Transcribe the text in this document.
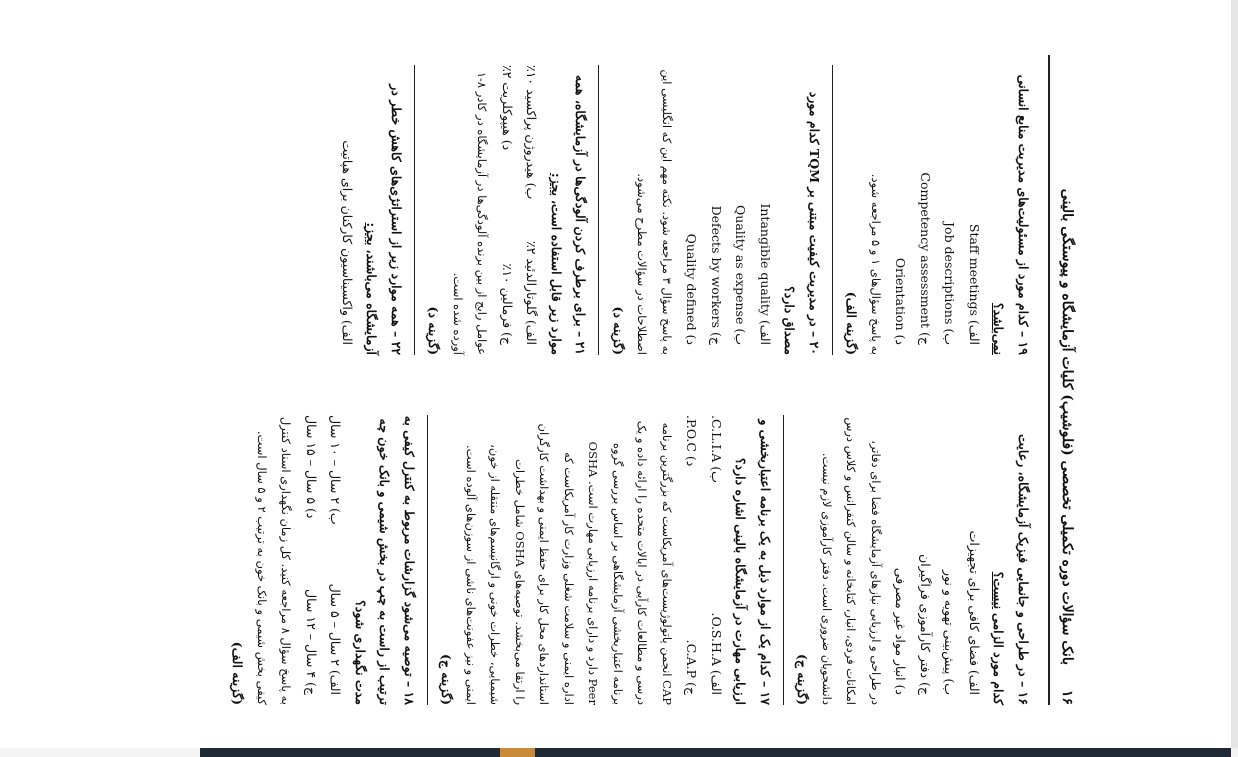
۱۶
بانک سؤالات دوره تکمیلی تخصصی (فلوشیپ) کلیات آزمایشگاه و پیوستگی بالینی
۱۶ – در طراحی و جانمایی فیزیک آزمایشگاه، رعایت کدام مورد الزامی نیست؟
الف) فضای کافی برای تجهیزات
ب) پیش‌بینی تهویه و نور
ج) دفتر کارآموزی فراگیران
د) انبار مواد غیر مصرفی
در طراحی و ارزیابی نیازهای آزمایشگاه فضا برای دفاتر، امکانات فردی، انبار، کتابخانه و سالن کنفرانس و کلاس درس دانشجویان ضروری است. دفتر کارآموزی لازم نیست.
(گزینه ج)
۱۷ – کدام یک از موارد ذیل به یک برنامه اعتباربخشی و ارزیابی مهارت در آزمایشگاه بالینی اشاره دارد؟
الف) O.S.H.A.
ب) C.L.I.A.
ج) C.A.P.
د) P.O.C.
CAP انجمن پاتولوژیست‌های آمریکاست که بزرگترین برنامه درسی و مطالعات کارآیی در ایالات متحده را ارائه داده و یک برنامه اعتباربخشی آزمایشگاهی بر اساس بررسی گروه Peer دارد و دارای برنامه ارزیابی مهارت است. OSHA اداره ایمنی و سلامت شغلی وزارت کار آمریکاست که استانداردهای محل کار برای حفظ ایمنی و بهداشت کارگران را ارتقا می‌بخشد. توصیه‌های OSHA شامل خطرات شیمیایی، خطرات خونی و ارگانیسم‌های منتقله از خون، ایمنی و نیز عفونت‌های ناشی از سوزن‌های آلوده است.
(گزینه ج)
۱۸ – توصیه می‌شود گزارشات مربوط به کنترل کیفی به ترتیب از راست به چپ در بخش شیمی و بانک خون چه مدت نگهداری شود؟
الف) ۲ سال – ۵ سال
ب) ۲ سال – ۱۰ سال
ج) ۴ سال – ۱۲ سال
د) ۵ سال – ۱۵ سال
به پاسخ سؤال ۸ مراجعه کنید. کل زمان نگهداری اسناد کنترل کیفی بخش شیمی و بانک خون به ترتیب ۲ و ۵ سال است.
(گزینه الف)
۱۹ – کدام مورد از مسئولیت‌های مدیریت منابع انسانی نمی‌باشد؟
الف) Staff meetings
ب) Job descriptions
ج) Competency assessment
د) Orientation
به پاسخ سؤال‌های ۱ و ۵ مراجعه شود.
(گزینه الف)
۲۰ – در مدیریت کیفیت مبتنی بر TQM کدام مورد مصداق دارد؟
الف) Intangible quality
ب) Quality as expense
ج) Defects by workers
د) Quality defined
به پاسخ سؤال ۳ مراجعه شود. نکته مهم این که انگلیسی این اصطلاحات در سؤالات مطرح می‌شود.
(گزینه د)
۲۱ – برای برطرف کردن آلودگی‌ها در آزمایشگاه، همه موارد زیر قابل استفاده است، بجز:
الف) گلوتارالدئید ۲٪
ب) هیدروژن پراکسید ۱۰٪
ج) فرمالین ۱۰٪
د) هیپوکلریت ۲٪
عوامل رایج از بین برنده آلودگی‌ها در آزمایشگاه در کادر ۸-۱ آورده شده است.
(گزینه د)
۲۲ – همه موارد زیر از استراتژی‌های کاهش خطر در آزمایشگاه می‌باشند، بجز:
الف) واکسیناسیون کارکنان برای هپاتیت
